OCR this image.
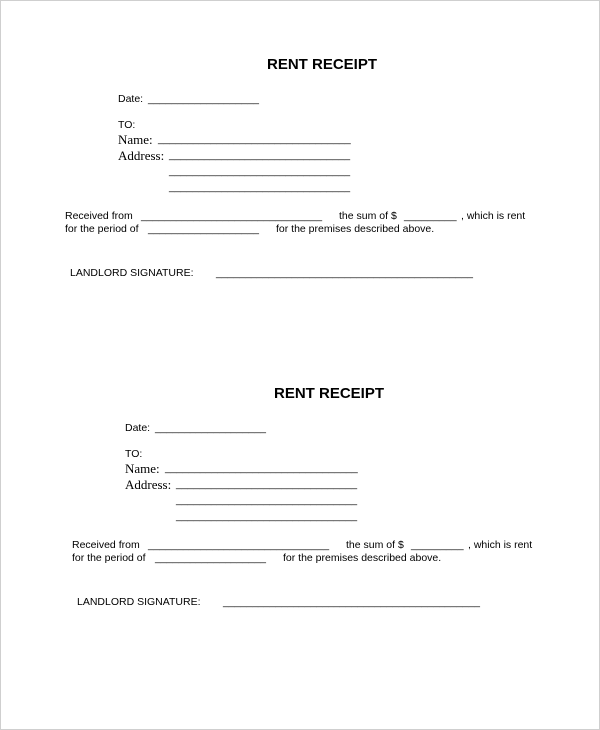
RENT RECEIPT
Date: ___________________
TO:
Name: _________________________________
Address: _______________________________
_______________________________
_______________________________
Received from _______________________________ the sum of $ _________ , which is rent
for the period of ___________________ for the premises described above.
LANDLORD SIGNATURE: ____________________________________________
RENT RECEIPT
Date: ___________________
TO:
Name: _________________________________
Address: _______________________________
_______________________________
_______________________________
Received from _______________________________ the sum of $ _________ , which is rent
for the period of ___________________ for the premises described above.
LANDLORD SIGNATURE: ____________________________________________
